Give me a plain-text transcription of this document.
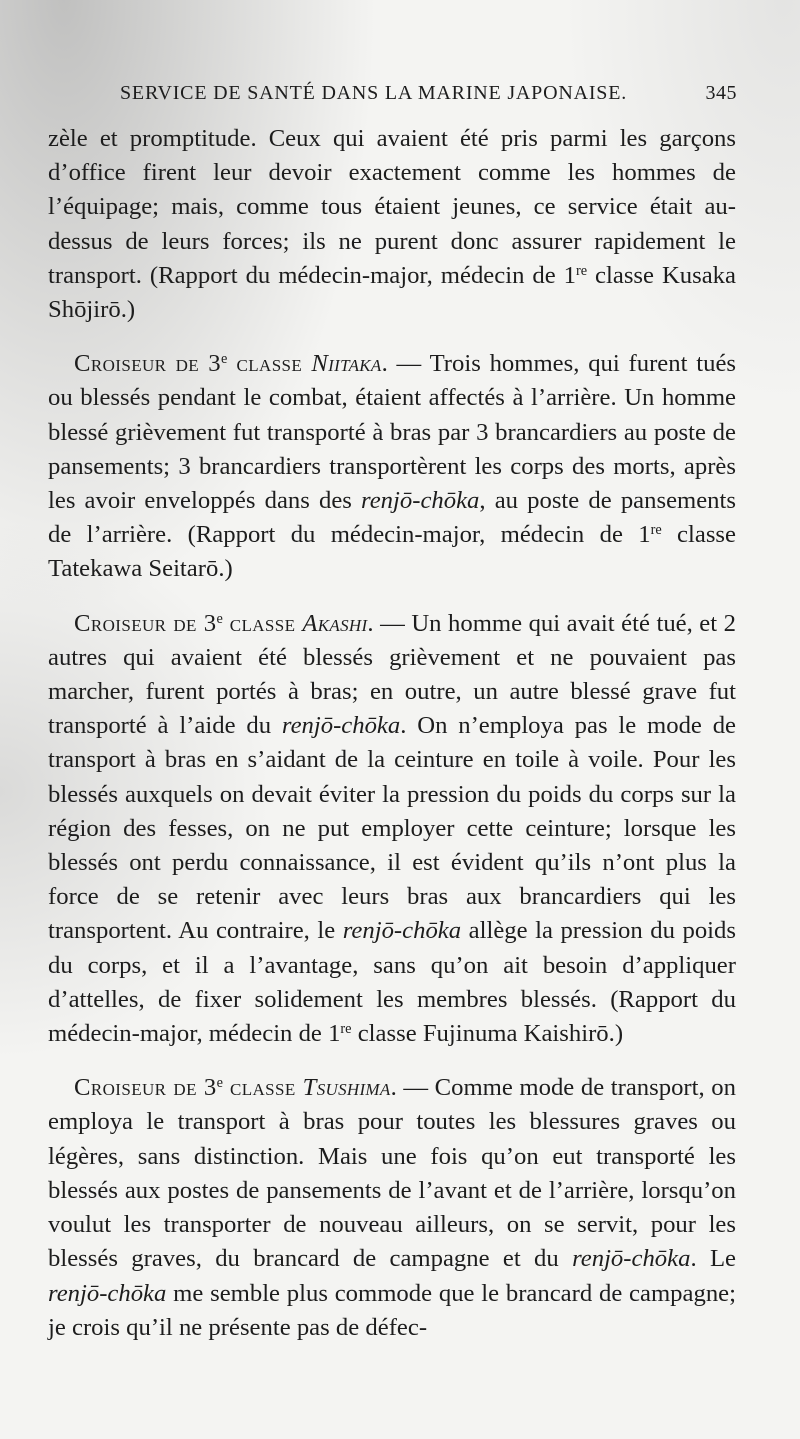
SERVICE DE SANTÉ DANS LA MARINE JAPONAISE.	345

zèle et promptitude. Ceux qui avaient été pris parmi les garçons d’office firent leur devoir exactement comme les hommes de l’équipage; mais, comme tous étaient jeunes, ce service était au-dessus de leurs forces; ils ne purent donc assurer rapidement le transport. (Rapport du médecin-major, médecin de 1re classe Kusaka Shōjirō.)

Croiseur de 3e classe Niitaka. — Trois hommes, qui furent tués ou blessés pendant le combat, étaient affectés à l’arrière. Un homme blessé grièvement fut transporté à bras par 3 brancardiers au poste de pansements; 3 brancardiers transportèrent les corps des morts, après les avoir enveloppés dans des renjō-chōka, au poste de pansements de l’arrière. (Rapport du médecin-major, médecin de 1re classe Tatekawa Seitarō.)

Croiseur de 3e classe Akashi. — Un homme qui avait été tué, et 2 autres qui avaient été blessés grièvement et ne pouvaient pas marcher, furent portés à bras; en outre, un autre blessé grave fut transporté à l’aide du renjō-chōka. On n’employa pas le mode de transport à bras en s’aidant de la ceinture en toile à voile. Pour les blessés auxquels on devait éviter la pression du poids du corps sur la région des fesses, on ne put employer cette ceinture; lorsque les blessés ont perdu connaissance, il est évident qu’ils n’ont plus la force de se retenir avec leurs bras aux brancardiers qui les transportent. Au contraire, le renjō-chōka allège la pression du poids du corps, et il a l’avantage, sans qu’on ait besoin d’appliquer d’attelles, de fixer solidement les membres blessés. (Rapport du médecin-major, médecin de 1re classe Fujinuma Kaishirō.)

Croiseur de 3e classe Tsushima. — Comme mode de transport, on employa le transport à bras pour toutes les blessures graves ou légères, sans distinction. Mais une fois qu’on eut transporté les blessés aux postes de pansements de l’avant et de l’arrière, lorsqu’on voulut les transporter de nouveau ailleurs, on se servit, pour les blessés graves, du brancard de campagne et du renjō-chōka. Le renjō-chōka me semble plus commode que le brancard de campagne; je crois qu’il ne présente pas de défec-
